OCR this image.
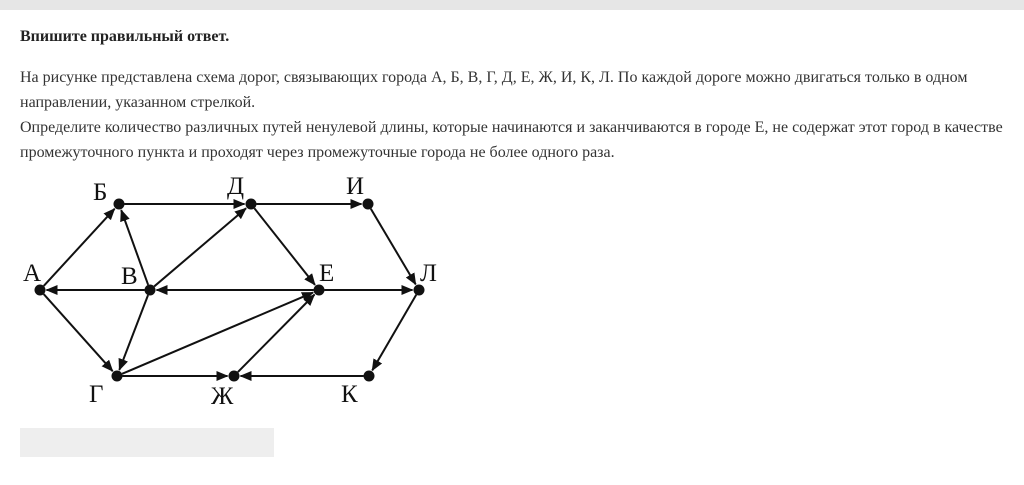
Впишите правильный ответ.

На рисунке представлена схема дорог, связывающих города А, Б, В, Г, Д, Е, Ж, И, К, Л. По каждой дороге можно двигаться только в одном направлении, указанном стрелкой.

Определите количество различных путей ненулевой длины, которые начинаются и заканчиваются в городе Е, не содержат этот город в качестве промежуточного пункта и проходят через промежуточные города не более одного раза.

А
Б
В
Г
Д
Е
Ж
И
К
Л
